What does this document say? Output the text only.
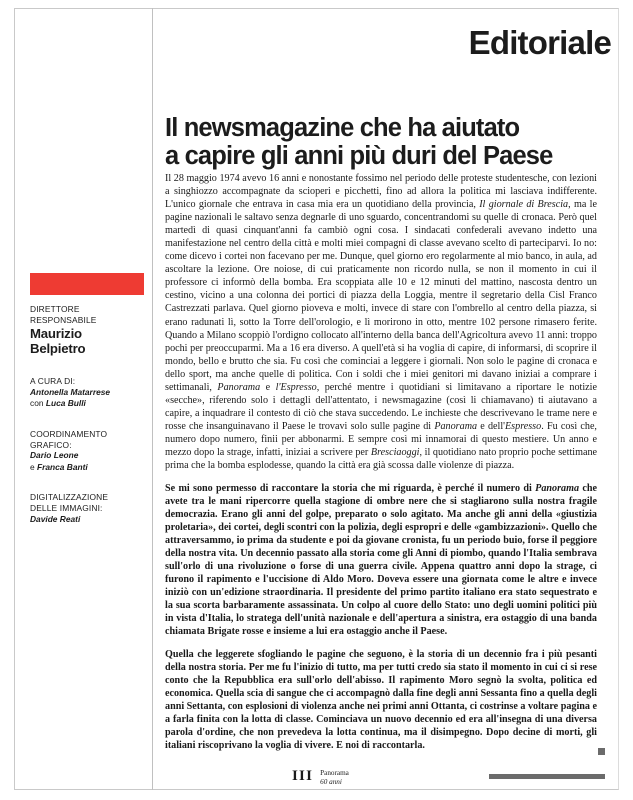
Editoriale
Il newsmagazine che ha aiutato
a capire gli anni più duri del Paese
DIRETTORE
RESPONSABILE
Maurizio
Belpietro
A CURA DI:
Antonella Matarrese
con Luca Bulli
COORDINAMENTO
GRAFICO:
Dario Leone
e Franca Banti
DIGITALIZZAZIONE
DELLE IMMAGINI:
Davide Reati

Il 28 maggio 1974 avevo 16 anni e nonostante fossimo nel periodo delle proteste studentesche, con lezioni a singhiozzo accompagnate da scioperi e picchetti, fino ad allora la politica mi lasciava indifferente. L'unico giornale che entrava in casa mia era un quotidiano della provincia, Il giornale di Brescia, ma le pagine nazionali le saltavo senza degnarle di uno sguardo, concentrandomi su quelle di cronaca. Però quel martedì di quasi cinquant'anni fa cambiò ogni cosa. I sindacati confederali avevano indetto una manifestazione nel centro della città e molti miei compagni di classe avevano scelto di parteciparvi. Io no: come dicevo i cortei non facevano per me. Dunque, quel giorno ero regolarmente al mio banco, in aula, ad ascoltare la lezione. Ore noiose, di cui praticamente non ricordo nulla, se non il momento in cui il professore ci informò della bomba. Era scoppiata alle 10 e 12 minuti del mattino, nascosta dentro un cestino, vicino a una colonna dei portici di piazza della Loggia, mentre il segretario della Cisl Franco Castrezzati parlava. Quel giorno pioveva e molti, invece di stare con l'ombrello al centro della piazza, si erano radunati lì, sotto la Torre dell'orologio, e lì morirono in otto, mentre 102 persone rimasero ferite. Quando a Milano scoppiò l'ordigno collocato all'interno della banca dell'Agricoltura avevo 11 anni: troppo pochi per preoccuparmi. Ma a 16 era diverso. A quell'età si ha voglia di capire, di informarsi, di scoprire il mondo, bello e brutto che sia. Fu così che cominciai a leggere i giornali. Non solo le pagine di cronaca e dello sport, ma anche quelle di politica. Con i soldi che i miei genitori mi davano iniziai a comprare i settimanali, Panorama e l'Espresso, perché mentre i quotidiani si limitavano a riportare le notizie «secche», riferendo solo i dettagli dell'attentato, i newsmagazine (così li chiamavano) ti aiutavano a capire, a inquadrare il contesto di ciò che stava succedendo. Le inchieste che descrivevano le trame nere e rosse che insanguinavano il Paese le trovavi solo sulle pagine di Panorama e dell'Espresso. Fu così che, numero dopo numero, finii per abbonarmi. E sempre così mi innamorai di questo mestiere. Un anno e mezzo dopo la strage, infatti, iniziai a scrivere per Bresciaoggi, il quotidiano nato proprio poche settimane prima che la bomba esplodesse, quando la città era già scossa dalle violenze di piazza.

Se mi sono permesso di raccontare la storia che mi riguarda, è perché il numero di Panorama che avete tra le mani ripercorre quella stagione di ombre nere che si stagliarono sulla nostra fragile democrazia. Erano gli anni del golpe, preparato o solo agitato. Ma anche gli anni della «giustizia proletaria», dei cortei, degli scontri con la polizia, degli espropri e delle «gambizzazioni». Quello che attraversammo, io prima da studente e poi da giovane cronista, fu un periodo buio, forse il peggiore della nostra vita. Un decennio passato alla storia come gli Anni di piombo, quando l'Italia sembrava sull'orlo di una rivoluzione o forse di una guerra civile. Appena quattro anni dopo la strage, ci furono il rapimento e l'uccisione di Aldo Moro. Doveva essere una giornata come le altre e invece iniziò con un'edizione straordinaria. Il presidente del primo partito italiano era stato sequestrato e la sua scorta barbaramente assassinata. Un colpo al cuore dello Stato: uno degli uomini politici più in vista d'Italia, lo stratega dell'unità nazionale e dell'apertura a sinistra, era ostaggio di una banda chiamata Brigate rosse e insieme a lui era ostaggio anche il Paese.

Quella che leggerete sfogliando le pagine che seguono, è la storia di un decennio fra i più pesanti della nostra storia. Per me fu l'inizio di tutto, ma per tutti credo sia stato il momento in cui ci si rese conto che la Repubblica era sull'orlo dell'abisso. Il rapimento Moro segnò la svolta, politica ed economica. Quella scia di sangue che ci accompagnò dalla fine degli anni Sessanta fino a quella degli anni Settanta, con esplosioni di violenza anche nei primi anni Ottanta, ci costrinse a voltare pagina e a farla finita con la lotta di classe. Cominciava un nuovo decennio ed era all'insegna di una diversa parola d'ordine, che non prevedeva la lotta continua, ma il disimpegno. Dopo decine di morti, gli italiani riscoprivano la voglia di vivere. E noi di raccontarla.

III Panorama
60 anni
